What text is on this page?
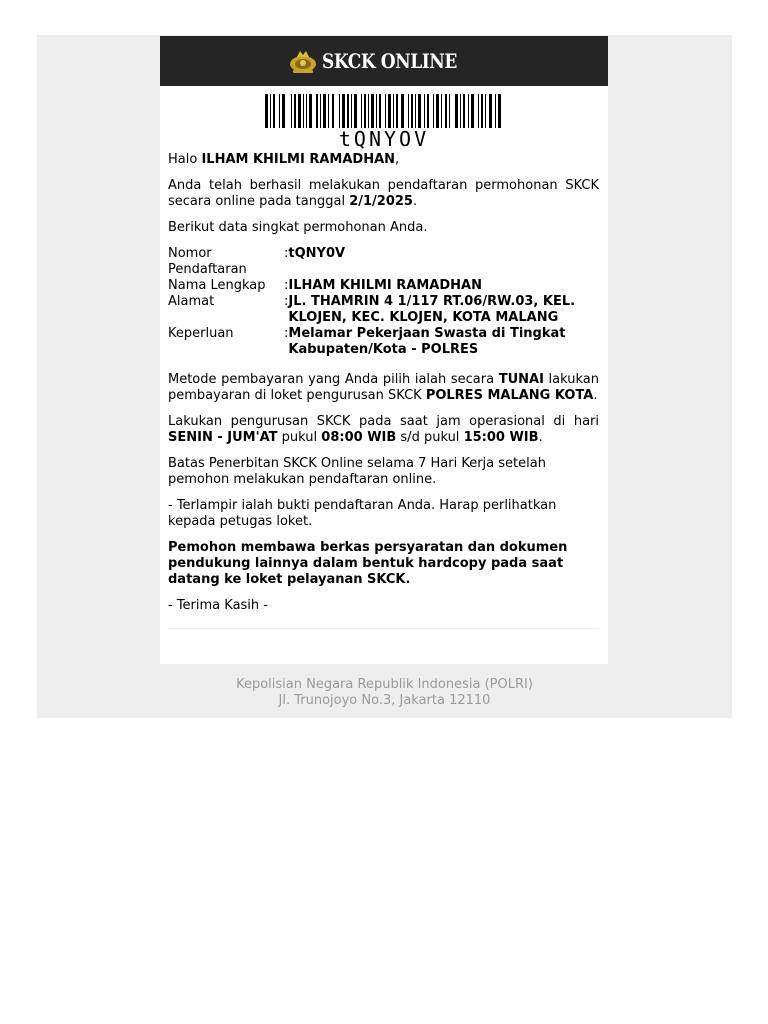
SKCK ONLINE
tQNYOV

Halo ILHAM KHILMI RAMADHAN,

Anda telah berhasil melakukan pendaftaran permohonan SKCK secara online pada tanggal 2/1/2025.

Berikut data singkat permohonan Anda.

Nomor Pendaftaran	:	tQNY0V
Nama Lengkap	:	ILHAM KHILMI RAMADHAN
Alamat	:	JL. THAMRIN 4 1/117 RT.06/RW.03, KEL. KLOJEN, KEC. KLOJEN, KOTA MALANG
Keperluan	:	Melamar Pekerjaan Swasta di Tingkat Kabupaten/Kota - POLRES

Metode pembayaran yang Anda pilih ialah secara TUNAI lakukan pembayaran di loket pengurusan SKCK POLRES MALANG KOTA.

Lakukan pengurusan SKCK pada saat jam operasional di hari SENIN - JUM'AT pukul 08:00 WIB s/d pukul 15:00 WIB.

Batas Penerbitan SKCK Online selama 7 Hari Kerja setelah pemohon melakukan pendaftaran online.

- Terlampir ialah bukti pendaftaran Anda. Harap perlihatkan kepada petugas loket.

Pemohon membawa berkas persyaratan dan dokumen pendukung lainnya dalam bentuk hardcopy pada saat datang ke loket pelayanan SKCK.

- Terima Kasih -

Kepolisian Negara Republik Indonesia (POLRI)
Jl. Trunojoyo No.3, Jakarta 12110
